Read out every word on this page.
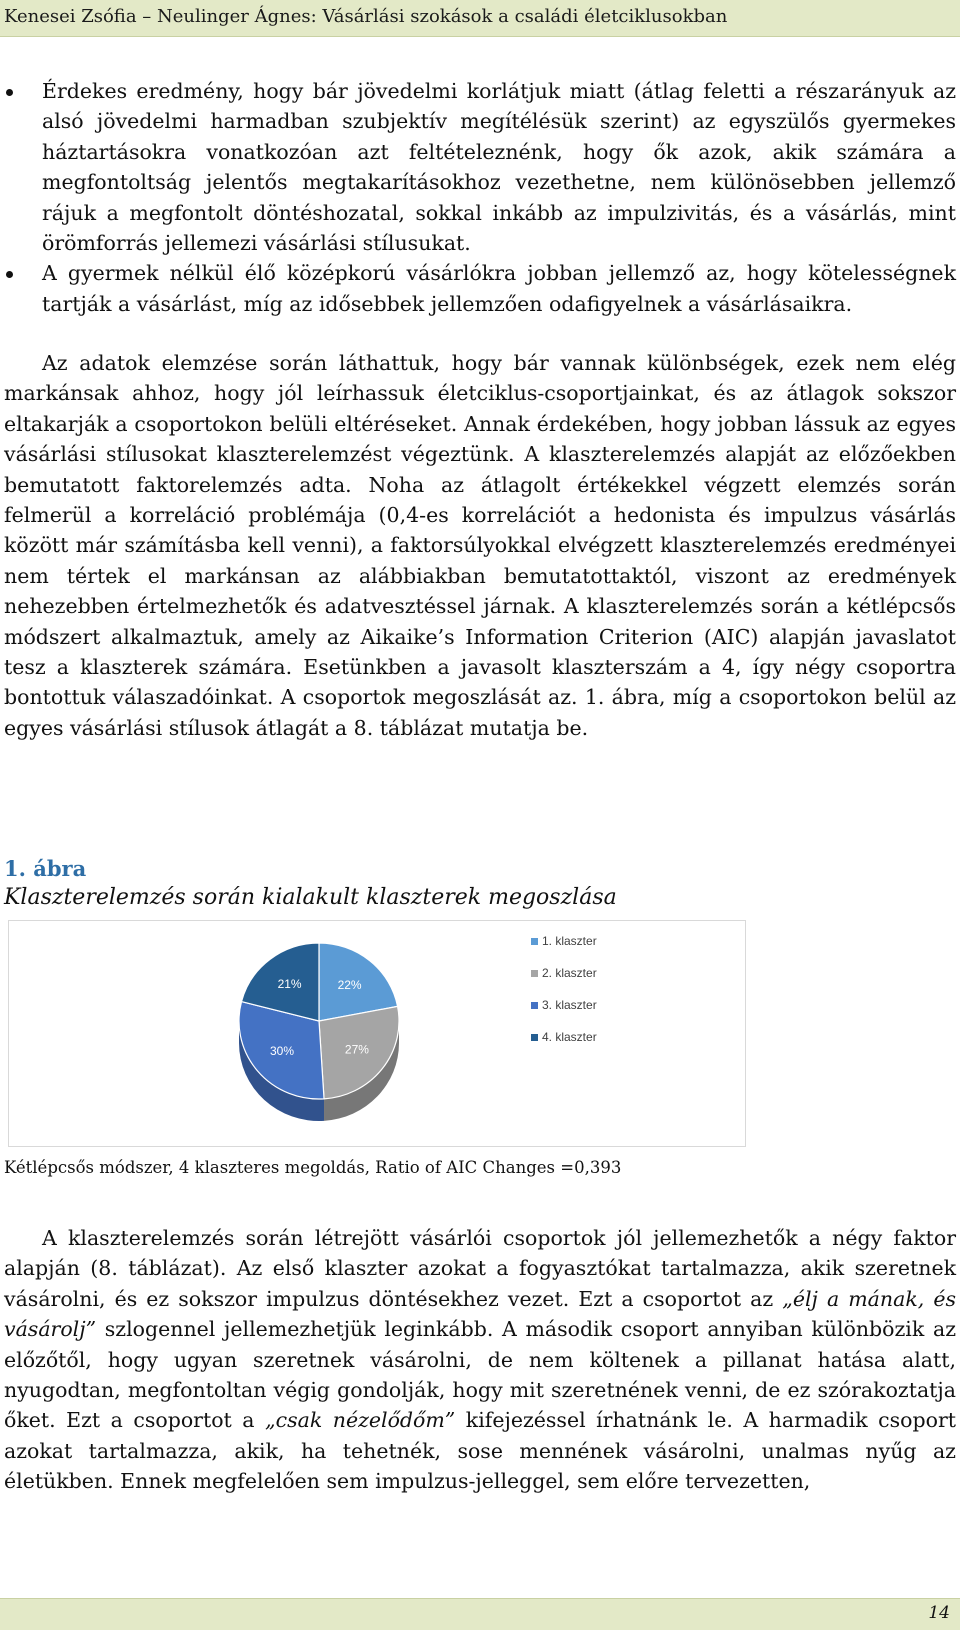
Kenesei Zsófia – Neulinger Ágnes: Vásárlási szokások a családi életciklusokban
Érdekes eredmény, hogy bár jövedelmi korlátjuk miatt (átlag feletti a részarányuk az alsó jövedelmi harmadban szubjektív megítélésük szerint) az egyszülős gyermekes háztartásokra vonatkozóan azt feltételeznénk, hogy ők azok, akik számára a megfontoltság jelentős megtakarításokhoz vezethetne, nem különösebben jellemző rájuk a megfontolt döntéshozatal, sokkal inkább az impulzivitás, és a vásárlás, mint örömforrás jellemezi vásárlási stílusukat.
A gyermek nélkül élő középkorú vásárlókra jobban jellemző az, hogy kötelességnek tartják a vásárlást, míg az idősebbek jellemzően odafigyelnek a vásárlásaikra.

Az adatok elemzése során láthattuk, hogy bár vannak különbségek, ezek nem elég markánsak ahhoz, hogy jól leírhassuk életciklus-csoportjainkat, és az átlagok sokszor eltakarják a csoportokon belüli eltéréseket. Annak érdekében, hogy jobban lássuk az egyes vásárlási stílusokat klaszterelemzést végeztünk. A klaszterelemzés alapját az előzőekben bemutatott faktorelemzés adta. Noha az átlagolt értékekkel végzett elemzés során felmerül a korreláció problémája (0,4-es korrelációt a hedonista és impulzus vásárlás között már számításba kell venni), a faktorsúlyokkal elvégzett klaszterelemzés eredményei nem tértek el markánsan az alábbiakban bemutatottaktól, viszont az eredmények nehezebben értelmezhetők és adatvesztéssel járnak. A klaszterelemzés során a kétlépcsős módszert alkalmaztuk, amely az Aikaike’s Information Criterion (AIC) alapján javaslatot tesz a klaszterek számára. Esetünkben a javasolt klaszterszám a 4, így négy csoportra bontottuk válaszadóinkat. A csoportok megoszlását az. 1. ábra, míg a csoportokon belül az egyes vásárlási stílusok átlagát a 8. táblázat mutatja be.

1. ábra
Klaszterelemzés során kialakult klaszterek megoszlása
22%
27%
30%
21%
1. klaszter
2. klaszter
3. klaszter
4. klaszter
Kétlépcsős módszer, 4 klaszteres megoldás, Ratio of AIC Changes =0,393

A klaszterelemzés során létrejött vásárlói csoportok jól jellemezhetők a négy faktor alapján (8. táblázat). Az első klaszter azokat a fogyasztókat tartalmazza, akik szeretnek vásárolni, és ez sokszor impulzus döntésekhez vezet. Ezt a csoportot az „élj a mának, és vásárolj” szlogennel jellemezhetjük leginkább. A második csoport annyiban különbözik az előzőtől, hogy ugyan szeretnek vásárolni, de nem költenek a pillanat hatása alatt, nyugodtan, megfontoltan végig gondolják, hogy mit szeretnének venni, de ez szórakoztatja őket. Ezt a csoportot a „csak nézelődőm” kifejezéssel írhatnánk le. A harmadik csoport azokat tartalmazza, akik, ha tehetnék, sose mennének vásárolni, unalmas nyűg az életükben. Ennek megfelelően sem impulzus-jelleggel, sem előre tervezetten,

14
